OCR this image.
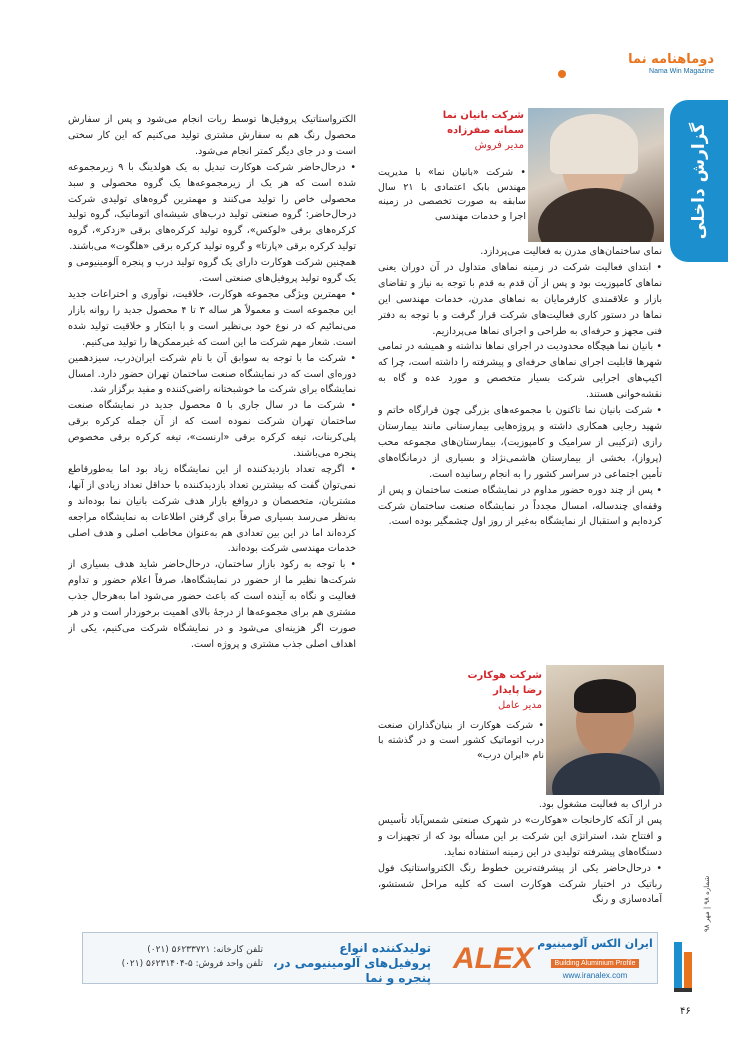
دوماهنامه نما
Nama Win Magazine
گزارش داخلی
شرکت بانیان نما
سمانه صفرزاده
مدیر فروش
• شرکت «بانیان نما» با مدیریت مهندس بابک اعتمادی با ۲۱ سال سابقه به صورت تخصصی در زمینه اجرا و خدمات مهندسی

نمای ساختمان‌های مدرن به فعالیت می‌پردازد.

• ابتدای فعالیت شرکت در زمینه نماهای متداول در آن دوران یعنی نماهای کامپوزیت بود و پس از آن قدم به قدم با توجه به نیاز و تقاضای بازار و علاقمندی کارفرمایان به نماهای مدرن، خدمات مهندسی این نماها در دستور کاری فعالیت‌های شرکت قرار گرفت و با توجه به دفتر فنی مجهز و حرفه‌ای به طراحی و اجرای نماها می‌پردازیم.

• بانیان نما هیچگاه محدودیت در اجرای نماها نداشته و همیشه در تمامی شهرها قابلیت اجرای نماهای حرفه‌ای و پیشرفته را داشته است، چرا که اکیپ‌های اجرایی شرکت بسیار متخصص و مورد عده و گاه به نقشه‌خوانی هستند.

• شرکت بانیان نما تاکنون با مجموعه‌های بزرگی چون قرارگاه خاتم و شهید رجایی همکاری داشته و پروژه‌هایی بیمارستانی مانند بیمارستان رازی (ترکیبی از سرامیک و کامپوزیت)، بیمارستان‌های مجموعه محب (پرواز)، بخشی از بیمارستان هاشمی‌نژاد و بسیاری از درمانگاه‌های تأمین اجتماعی در سراسر کشور را به انجام رسانیده است.

• پس از چند دوره حضور مداوم در نمایشگاه صنعت ساختمان و پس از وقفه‌ای چندساله، امسال مجدداً در نمایشگاه صنعت ساختمان شرکت کرده‌ایم و استقبال از نمایشگاه به‌غیر از روز اول چشمگیر بوده است.

شرکت هوکارت
رضا پایدار
مدیر عامل
• شرکت هوکارت از بنیان‌گذاران صنعت درب اتوماتیک کشور است و در گذشته با نام «ایران درب»

در اراک به فعالیت مشغول بود.

پس از آنکه کارخانجات «هوکارت» در شهرک صنعتی شمس‌آباد تأسیس و افتتاح شد، استراتژی این شرکت بر این مسأله بود که از تجهیزات و دستگاه‌های پیشرفته تولیدی در این زمینه استفاده نماید.

• درحال‌حاضر یکی از پیشرفته‌ترین خطوط رنگ الکترواستاتیک فول رباتیک در اختیار شرکت هوکارت است که کلیه مراحل شستشو، آماده‌سازی و رنگ

الکترواستاتیک پروفیل‌ها توسط ربات انجام می‌شود و پس از سفارش محصول رنگ هم به سفارش مشتری تولید می‌کنیم که این کار سختی است و در جای دیگر کمتر انجام می‌شود.

• درحال‌حاضر شرکت هوکارت تبدیل به یک هولدینگ با ۹ زیرمجموعه شده است که هر یک از زیرمجموعه‌ها یک گروه محصولی و سبد محصولی خاص را تولید می‌کنند و مهمترین گروه‌های تولیدی شرکت درحال‌حاضر: گروه صنعتی تولید درب‌های شیشه‌ای اتوماتیک، گروه تولید کرکره‌های برقی «لوکس»، گروه تولید کرکره‌های برقی «زدکر»، گروه تولید کرکره برقی «پارتا» و گروه تولید کرکره برقی «هلگوت» می‌باشند.

همچنین شرکت هوکارت دارای یک گروه تولید درب و پنجره آلومینیومی و یک گروه تولید پروفیل‌های صنعتی است.

• مهمترین ویژگی مجموعه هوکارت، خلاقیت، نوآوری و اختراعات جدید این مجموعه است و معمولاً هر ساله ۳ تا ۴ محصول جدید را روانه بازار می‌نمائیم که در نوع خود بی‌نظیر است و با ابتکار و خلاقیت تولید شده است. شعار مهم شرکت ما این است که غیرممکن‌ها را تولید می‌کنیم.

• شرکت ما با توجه به سوابق آن با نام شرکت ایران‌درب، سیزدهمین دوره‌ای است که در نمایشگاه صنعت ساختمان تهران حضور دارد. امسال نمایشگاه برای شرکت ما خوشبختانه راضی‌کننده و مفید برگزار شد.

• شرکت ما در سال جاری با ۵ محصول جدید در نمایشگاه صنعت ساختمان تهران شرکت نموده است که از آن جمله کرکره برقی پلی‌کربنات، تیغه کرکره برقی «ارنست»، تیغه کرکره برقی مخصوص پنجره می‌باشند.

• اگرچه تعداد بازدیدکننده از این نمایشگاه زیاد بود اما به‌طورقاطع نمی‌توان گفت که بیشترین تعداد بازدیدکننده با حداقل تعداد زیادی از آنها، مشتریان، متخصصان و دروافع بازار هدف شرکت بانیان نما بوده‌اند و به‌نظر می‌رسد بسیاری صرفاً برای گرفتن اطلاعات به نمایشگاه مراجعه کرده‌اند اما در این بین تعدادی هم به‌عنوان مخاطب اصلی و هدف اصلی خدمات مهندسی شرکت بوده‌اند.

• با توجه به رکود بازار ساختمان، درحال‌حاضر شاید هدف بسیاری از شرکت‌ها نظیر ما از حضور در نمایشگاه‌ها، صرفاً اعلام حضور و تداوم فعالیت و نگاه به آینده است که باعث حضور می‌شود اما به‌هرحال جذب مشتری هم برای مجموعه‌ها از درجهٔ بالای اهمیت برخوردار است و در هر صورت اگر هزینه‌ای می‌شود و در نمایشگاه شرکت می‌کنیم، یکی از اهداف اصلی جذب مشتری و پروژه است.

تلفن کارخانه: ۵۶۲۳۳۷۲۱ (۰۲۱)
تلفن واحد فروش: ۵-۵۶۲۳۱۴۰۴ (۰۲۱)
تولیدکننده انواع پروفیل‌های آلومینیومی در، پنجره و نما
ALEX ایران الکس آلومینیوم
Building Aluminium Profile
www.iranalex.com
شماره ۹۸ | مهر ۹۸
۴۶
